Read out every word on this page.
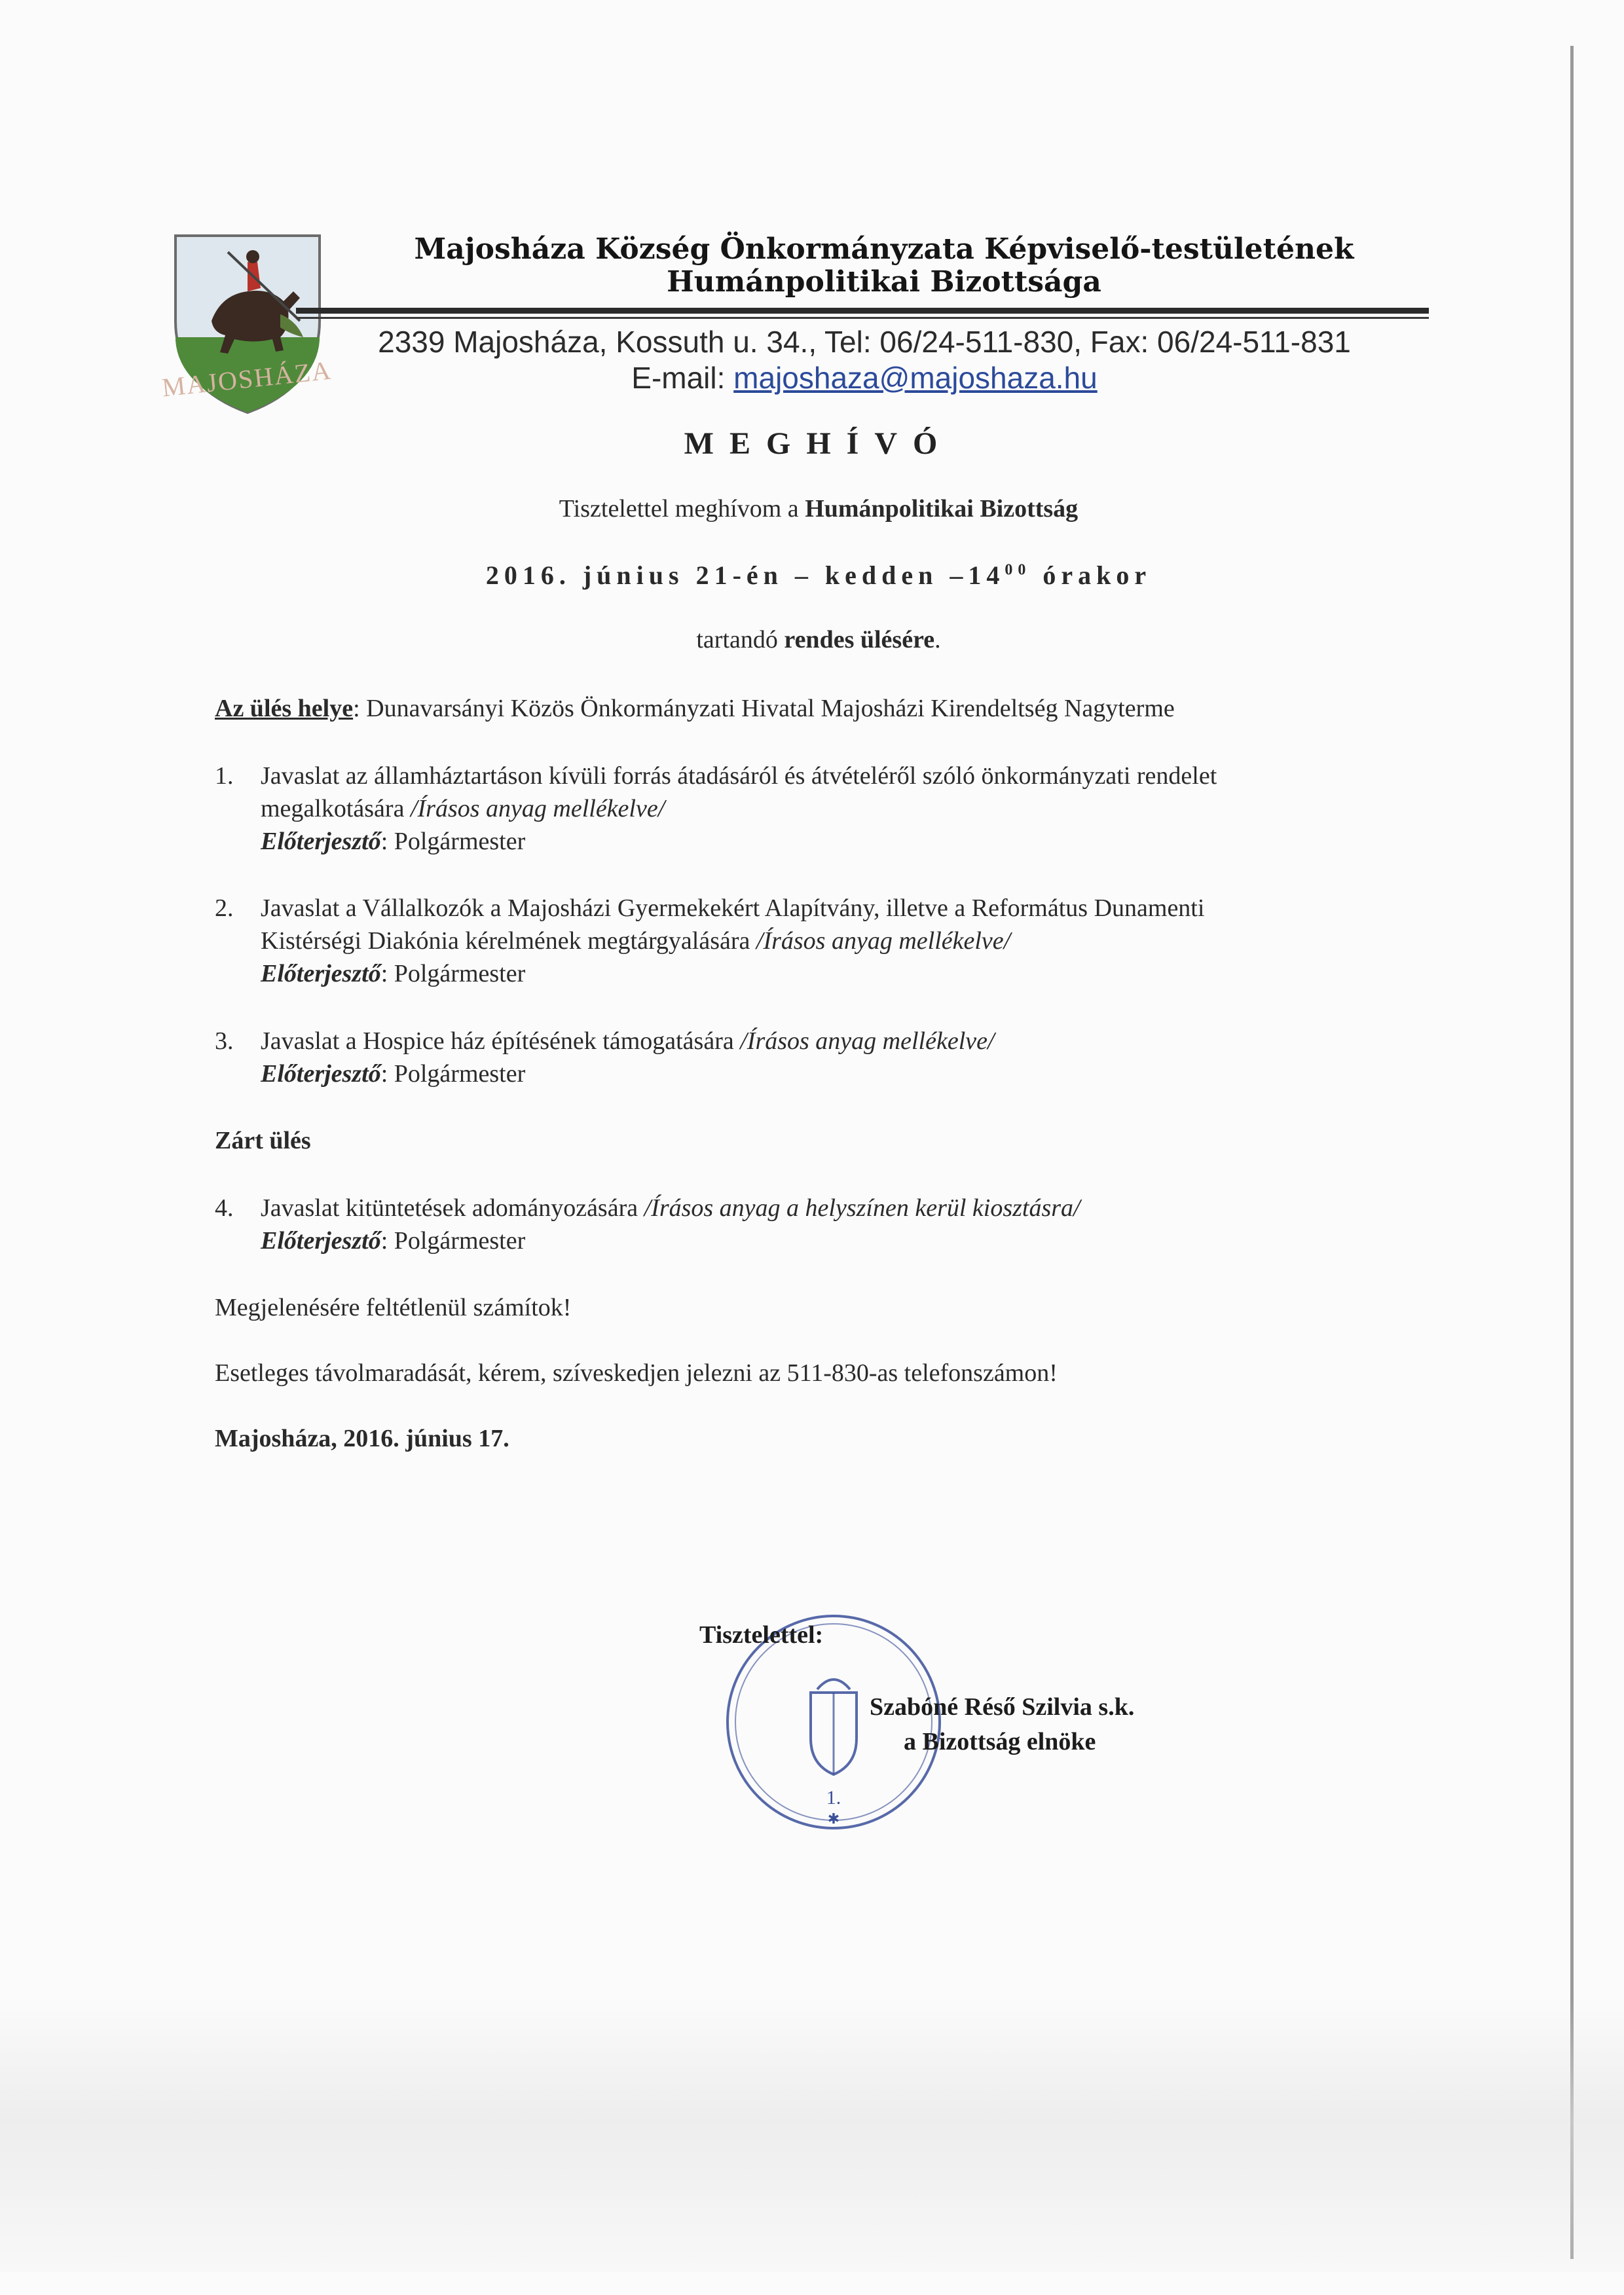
MAJOSHÁZA
Majosháza Község Önkormányzata Képviselő-testületének
Humánpolitikai Bizottsága
2339 Majosháza, Kossuth u. 34., Tel: 06/24-511-830, Fax: 06/24-511-831
E-mail: majoshaza@majoshaza.hu
MEGHÍVÓ
Tisztelettel meghívom a Humánpolitikai Bizottság
2016. június 21-én – kedden $-14^{00}$ órakor
tartandó rendes ülésére.
Az ülés helye: Dunavarsányi Közös Önkormányzati Hivatal Majosházi Kirendeltség Nagyterme
1. Javaslat az államháztartáson kívüli forrás átadásáról és átvételéről szóló önkormányzati rendelet
megalkotására /Írásos anyag mellékelve/
Előterjesztő: Polgármester
2. Javaslat a Vállalkozók a Majosházi Gyermekekért Alapítvány, illetve a Református Dunamenti
Kistérségi Diakónia kérelmének megtárgyalására /Írásos anyag mellékelve/
Előterjesztő: Polgármester
3. Javaslat a Hospice ház építésének támogatására /Írásos anyag mellékelve/
Előterjesztő: Polgármester
Zárt ülés
4. Javaslat kitüntetések adományozására /Írásos anyag a helyszínen kerül kiosztásra/
Előterjesztő: Polgármester
Megjelenésére feltétlenül számítok!
Esetleges távolmaradását, kérem, szíveskedjen jelezni az 511-830-as telefonszámon!
Majosháza, 2016. június 17.
1.
✱
Tisztelettel:
Szabóné Réső Szilvia s.k.
a Bizottság elnöke
